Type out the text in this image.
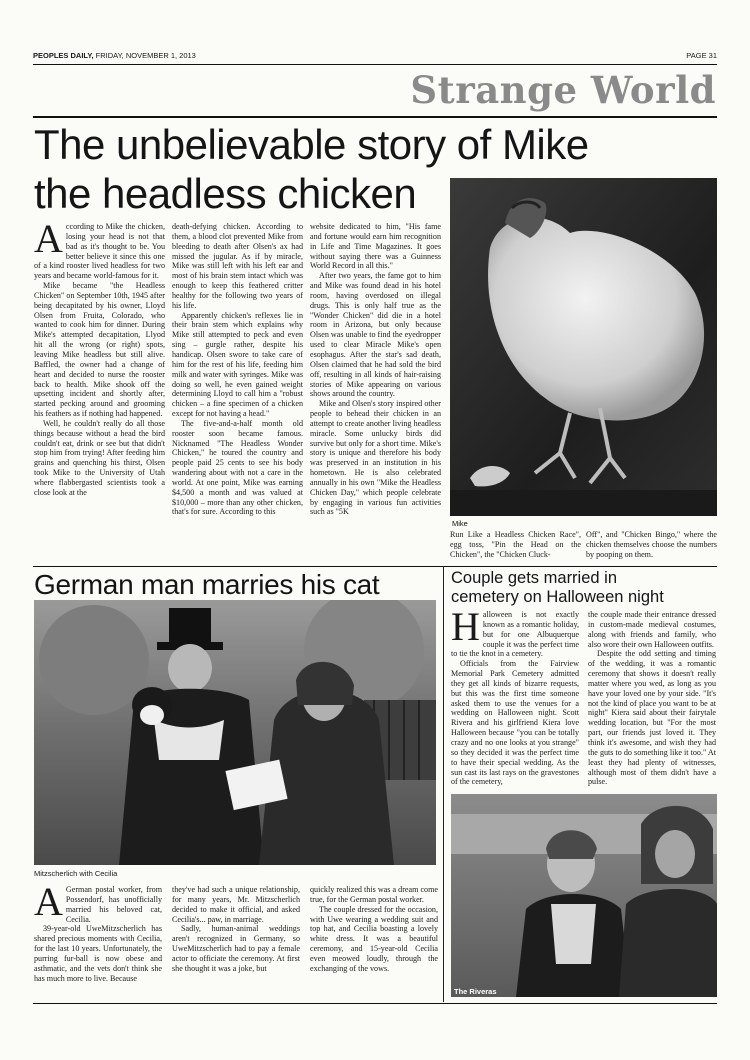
PEOPLES DAILY, FRIDAY, NOVEMBER 1, 2013	PAGE 31
Strange World
The unbelievable story of Mike
the headless chicken
Mike

According to Mike the chicken, losing your head is not that bad as it's thought to be. You better believe it since this one of a kind rooster lived headless for two years and became world-famous for it.

Mike became "the Headless Chicken" on September 10th, 1945 after being decapitated by his owner, Lloyd Olsen from Fruita, Colorado, who wanted to cook him for dinner. During Mike's attempted decapitation, Llyod hit all the wrong (or right) spots, leaving Mike headless but still alive. Baffled, the owner had a change of heart and decided to nurse the rooster back to health. Mike shook off the upsetting incident and shortly after, started pecking around and grooming his feathers as if nothing had happened.

Well, he couldn't really do all those things because without a head the bird couldn't eat, drink or see but that didn't stop him from trying! After feeding him grains and quenching his thirst, Olsen took Mike to the University of Utah where flabbergasted scientists took a close look at the

death-defying chicken. According to them, a blood clot prevented Mike from bleeding to death after Olsen's ax had missed the jugular. As if by miracle, Mike was still left with his left ear and most of his brain stem intact which was enough to keep this feathered critter healthy for the following two years of his life.

Apparently chicken's reflexes lie in their brain stem which explains why Mike still attempted to peck and even sing – gurgle rather, despite his handicap. Olsen swore to take care of him for the rest of his life, feeding him milk and water with syringes. Mike was doing so well, he even gained weight determining Lloyd to call him a "robust chicken – a fine specimen of a chicken except for not having a head."

The five-and-a-half month old rooster soon became famous. Nicknamed "The Headless Wonder Chicken," he toured the country and people paid 25 cents to see his body wandering about with not a care in the world. At one point, Mike was earning $4,500 a month and was valued at $10,000 – more than any other chicken, that's for sure. According to this

website dedicated to him, "His fame and fortune would earn him recognition in Life and Time Magazines. It goes without saying there was a Guinness World Record in all this."

After two years, the fame got to him and Mike was found dead in his hotel room, having overdosed on illegal drugs. This is only half true as the "Wonder Chicken" did die in a hotel room in Arizona, but only because Olsen was unable to find the eyedropper used to clear Miracle Mike's open esophagus. After the star's sad death, Olsen claimed that he had sold the bird off, resulting in all kinds of hair-raising stories of Mike appearing on various shows around the country.

Mike and Olsen's story inspired other people to behead their chicken in an attempt to create another living headless miracle. Some unlucky birds did survive but only for a short time. Mike's story is unique and therefore his body was preserved in an institution in his hometown. He is also celebrated annually in his own "Mike the Headless Chicken Day," which people celebrate by engaging in various fun activities such as "5K

Run Like a Headless Chicken Race", egg toss, "Pin the Head on the Chicken", the "Chicken Cluck-

Off", and "Chicken Bingo," where the chicken themselves choose the numbers by pooping on them.

German man marries his cat
Mitzscherlich with Cecilia

A German postal worker, from Possendorf, has unofficially married his beloved cat, Cecilia.

39-year-old UweMitzscherlich has shared precious moments with Cecilia, for the last 10 years. Unfortunately, the purring fur-ball is now obese and asthmatic, and the vets don't think she has much more to live. Because

they've had such a unique relationship, for many years, Mr. Mitzscherlich decided to make it official, and asked Cecilia's... paw, in marriage.

Sadly, human-animal weddings aren't recognized in Germany, so UweMitzscherlich had to pay a female actor to officiate the ceremony. At first she thought it was a joke, but

quickly realized this was a dream come true, for the German postal worker.

The couple dressed for the occasion, with Uwe wearing a wedding suit and top hat, and Cecilia boasting a lovely white dress. It was a beautiful ceremony, and 15-year-old Cecilia even meowed loudly, through the exchanging of the vows.

Couple gets married in
cemetery on Halloween night

Halloween is not exactly known as a romantic holiday, but for one Albuquerque couple it was the perfect time to tie the knot in a cemetery.

Officials from the Fairview Memorial Park Cemetery admitted they get all kinds of bizarre requests, but this was the first time someone asked them to use the venues for a wedding on Halloween night. Scott Rivera and his girlfriend Kiera love Halloween because "you can be totally crazy and no one looks at you strange" so they decided it was the perfect time to have their special wedding. As the sun cast its last rays on the gravestones of the cemetery,

the couple made their entrance dressed in custom-made medieval costumes, along with friends and family, who also wore their own Halloween outfits.

Despite the odd setting and timing of the wedding, it was a romantic ceremony that shows it doesn't really matter where you wed, as long as you have your loved one by your side. "It's not the kind of place you want to be at night" Kiera said about their fairytale wedding location, but "For the most part, our friends just loved it. They think it's awesome, and wish they had the guts to do something like it too." At least they had plenty of witnesses, although most of them didn't have a pulse.

The Riveras
